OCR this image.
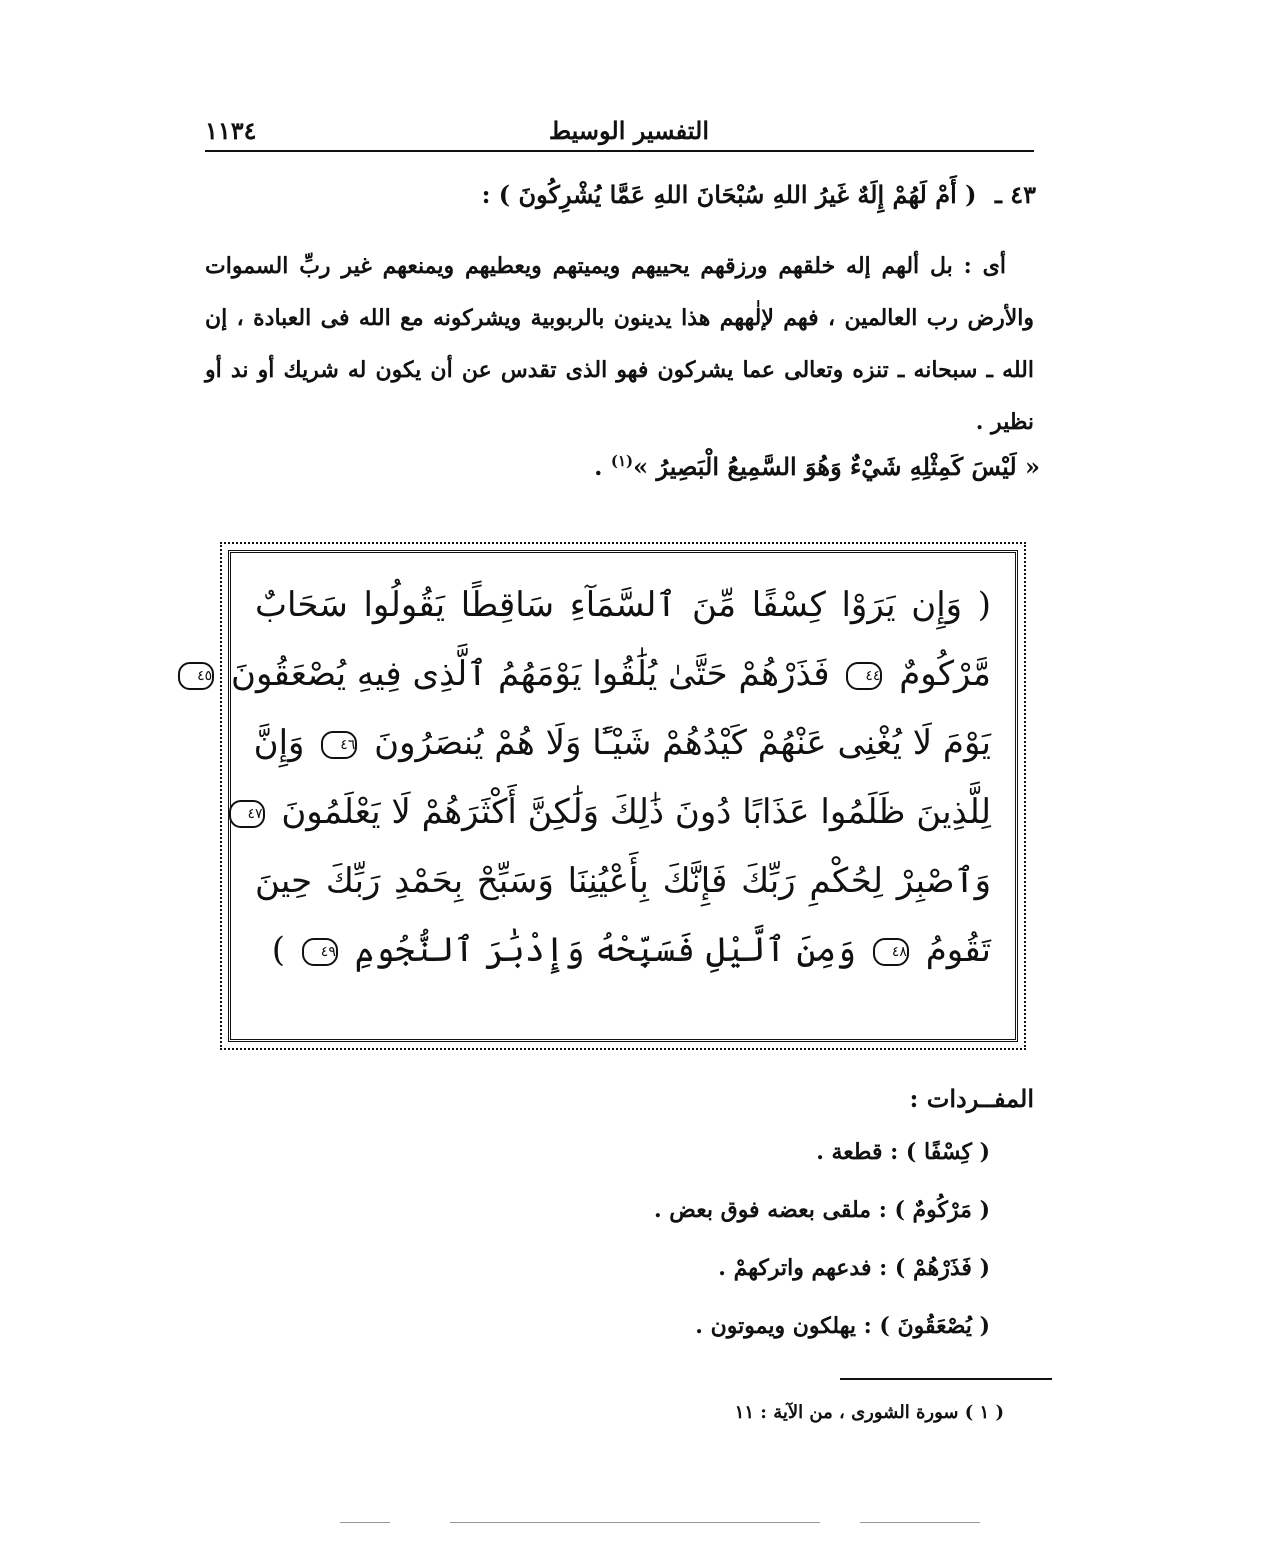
التفسير الوسيط
١١٣٤
٤٣ ـ ( أَمْ لَهُمْ إِلَهٌ غَيرُ اللهِ سُبْحَانَ اللهِ عَمَّا يُشْرِكُونَ ) :
أى : بل ألهم إله خلقهم ورزقهم يحييهم ويميتهم ويعطيهم ويمنعهم غير ربِّ السموات والأرض رب العالمين ، فهم لإلٰههم هذا يدينون بالربوبية ويشركونه مع الله فى العبادة ، إن الله ـ سبحانه ـ تنزه وتعالى عما يشركون فهو الذى تقدس عن أن يكون له شريك أو ند أو نظير .
« لَيْسَ كَمِثْلِهِ شَيْءٌ وَهُوَ السَّمِيعُ الْبَصِيرُ »$^{(١)}$ .
( وَإِن يَرَوْا كِسْفًا مِّنَ ٱلسَّمَآءِ سَاقِطًا يَقُولُوا سَحَابٌ
مَّرْكُومٌ ٤٤ فَذَرْهُمْ حَتَّىٰ يُلَٰقُوا يَوْمَهُمُ ٱلَّذِى فِيهِ يُصْعَقُونَ ٤٥
يَوْمَ لَا يُغْنِى عَنْهُمْ كَيْدُهُمْ شَيْـًٔا وَلَا هُمْ يُنصَرُونَ ٤٦ وَإِنَّ
لِلَّذِينَ ظَلَمُوا عَذَابًا دُونَ ذَٰلِكَ وَلَٰكِنَّ أَكْثَرَهُمْ لَا يَعْلَمُونَ ٤٧
وَٱصْبِرْ لِحُكْمِ رَبِّكَ فَإِنَّكَ بِأَعْيُنِنَا وَسَبِّحْ بِحَمْدِ رَبِّكَ حِينَ
تَقُومُ ٤٨ وَمِنَ ٱلَّيْلِ فَسَبِّحْهُ وَإِدْبَٰرَ ٱلنُّجُومِ ٤٩ )
المفــردات :
( كِسْفًا ) : قطعة .
( مَرْكُومٌ ) : ملقى بعضه فوق بعض .
( فَذَرْهُمْ ) : فدعهم واتركهمْ .
( يُصْعَقُونَ ) : يهلكون ويموتون .
( ١ ) سورة الشورى ، من الآية : ١١
